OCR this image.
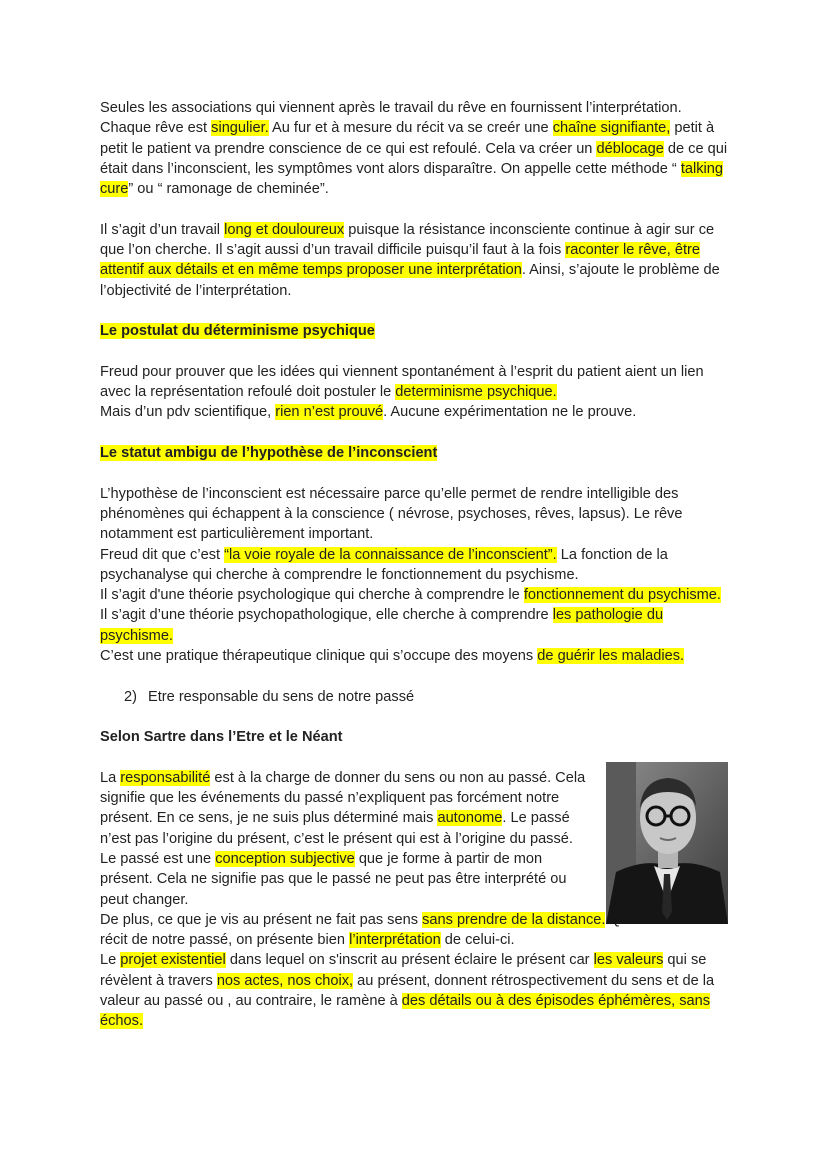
Seules les associations qui viennent après le travail du rêve en fournissent l’interprétation. Chaque rêve est singulier. Au fur et à mesure du récit va se creér une chaîne signifiante, petit à petit le patient va prendre conscience de ce qui est refoulé. Cela va créer un déblocage de ce qui était dans l’inconscient, les symptômes vont alors disparaître. On appelle cette méthode “ talking cure” ou “ ramonage de cheminée”.

Il s’agit d’un travail long et douloureux puisque la résistance inconsciente continue à agir sur ce que l’on cherche. Il s’agit aussi d’un travail difficile puisqu’il faut à la fois raconter le rêve, être attentif aux détails et en même temps proposer une interprétation. Ainsi, s’ajoute le problème de l’objectivité de l’interprétation.

Le postulat du déterminisme psychique

Freud pour prouver que les idées qui viennent spontanément à l’esprit du patient aient un lien avec la représentation refoulé doit postuler le determinisme psychique.

Mais d’un pdv scientifique, rien n’est prouvé. Aucune expérimentation ne le prouve.

Le statut ambigu de l’hypothèse de l’inconscient

L’hypothèse de l’inconscient est nécessaire parce qu’elle permet de rendre intelligible des phénomènes qui échappent à la conscience ( névrose, psychoses, rêves, lapsus). Le rêve notamment est particulièrement important.

Freud dit que c’est “la voie royale de la connaissance de l’inconscient”. La fonction de la psychanalyse qui cherche à comprendre le fonctionnement du psychisme.

Il s’agit d'une théorie psychologique qui cherche à comprendre le fonctionnement du psychisme.

Il s’agit d’une théorie psychopathologique, elle cherche à comprendre les pathologie du psychisme.

C’est une pratique thérapeutique clinique qui s’occupe des moyens de guérir les maladies.

2) Etre responsable du sens de notre passé

Selon Sartre dans l’Etre et le Néant

La responsabilité est à la charge de donner du sens ou non au passé. Cela signifie que les événements du passé n’expliquent pas forcément notre présent. En ce sens, je ne suis plus déterminé mais autonome. Le passé n’est pas l’origine du présent, c’est le présent qui est à l’origine du passé.

Le passé est une conception subjective que je forme à partir de mon présent. Cela ne signifie pas que le passé ne peut pas être interprété ou peut changer.

De plus, ce que je vis au présent ne fait pas sens sans prendre de la distance. récit de notre passé, on présente bien l’interprétation de celui-ci.

Le projet existentiel dans lequel on s'inscrit au présent éclaire le présent car les valeurs qui se révèlent à travers nos actes, nos choix, au présent, donnent rétrospectivement du sens et de la valeur au passé ou , au contraire, le ramène à des détails ou à des épisodes éphémères, sans échos.
